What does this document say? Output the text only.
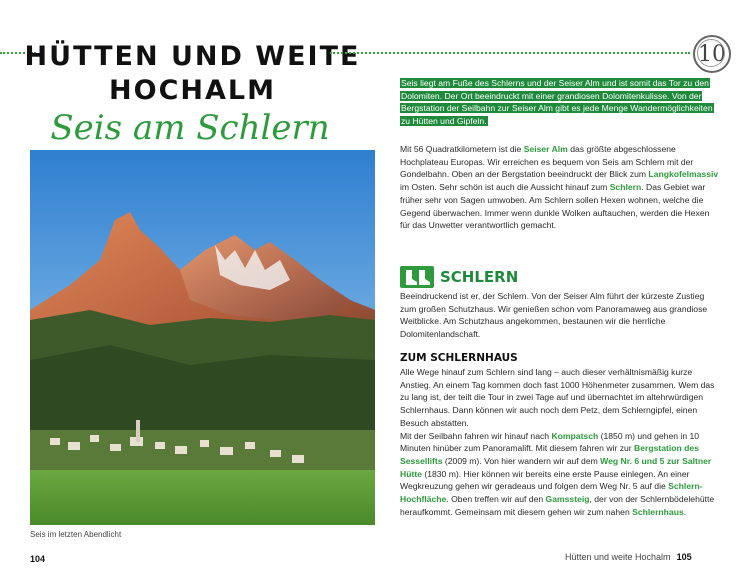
HÜTTEN UND WEITE
HOCHALM
Seis am Schlern
Seis im letzten Abendlicht
104
10
Seis liegt am Fuße des Schlerns und der Seiser Alm und ist somit das Tor zu den Dolomiten. Der Ort beeindruckt mit einer grandiosen Dolomitenkulisse. Von der Bergstation der Seilbahn zur Seiser Alm gibt es jede Menge Wandermöglichkeiten zu Hütten und Gipfeln.
Mit 56 Quadratkilometern ist die Seiser Alm das größte abgeschlossene Hochplateau Europas. Wir erreichen es bequem von Seis am Schlern mit der Gondelbahn. Oben an der Bergstation beeindruckt der Blick zum Langkofelmassiv im Osten. Sehr schön ist auch die Aussicht hinauf zum Schlern. Das Gebiet war früher sehr von Sagen umwoben. Am Schlern sollen Hexen wohnen, welche die Gegend überwachen. Immer wenn dunkle Wolken auftauchen, werden die Hexen für das Unwetter verantwortlich gemacht.
SCHLERN
Beeindruckend ist er, der Schlern. Von der Seiser Alm führt der kürzeste Zustieg zum großen Schutzhaus. Wir genießen schon vom Panoramaweg aus grandiose Weitblicke. Am Schutzhaus angekommen, bestaunen wir die herrliche Dolomitenlandschaft.
ZUM SCHLERNHAUS
Alle Wege hinauf zum Schlern sind lang – auch dieser verhältnismäßig kurze Anstieg. An einem Tag kommen doch fast 1000 Höhenmeter zusammen. Wem das zu lang ist, der teilt die Tour in zwei Tage auf und übernachtet im altehrwürdigen Schlernhaus. Dann können wir auch noch dem Petz, dem Schlerngipfel, einen Besuch abstatten.
Mit der Seilbahn fahren wir hinauf nach Kompatsch (1850 m) und gehen in 10 Minuten hinüber zum Panoramalift. Mit diesem fahren wir zur Bergstation des Sessellifts (2009 m). Von hier wandern wir auf dem Weg Nr. 6 und 5 zur Saltner Hütte (1830 m). Hier können wir bereits eine erste Pause einlegen. An einer Wegkreuzung gehen wir geradeaus und folgen dem Weg Nr. 5 auf die Schlern-Hochfläche. Oben treffen wir auf den Gamssteig, der von der Schlernbödelehütte heraufkommt. Gemeinsam mit diesem gehen wir zum nahen Schlernhaus.
Hütten und weite Hochalm 105
